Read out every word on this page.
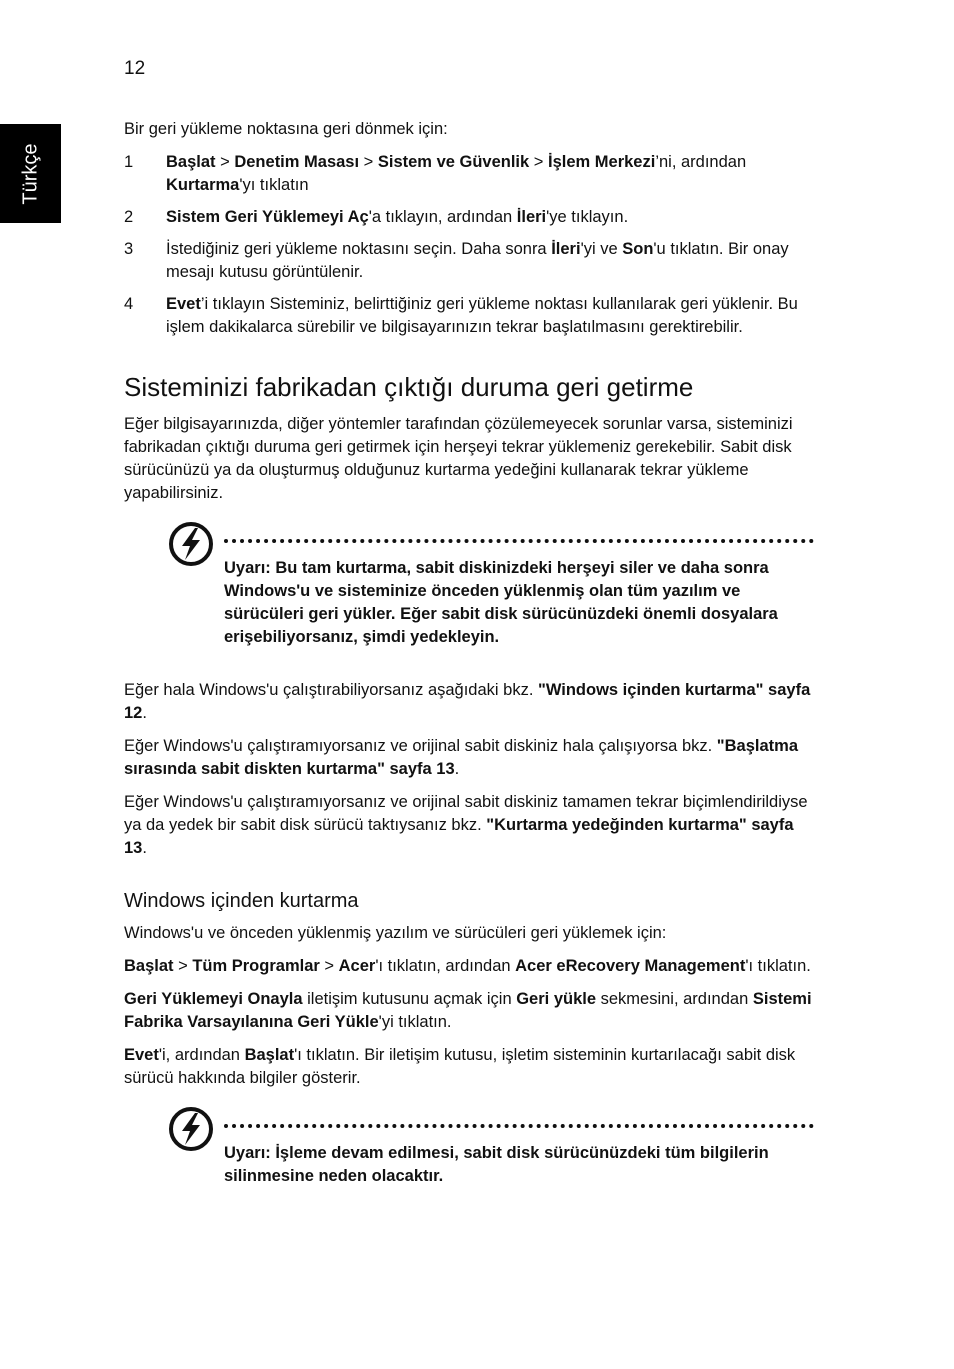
12
Türkçe

Bir geri yükleme noktasına geri dönmek için:

1 Başlat > Denetim Masası > Sistem ve Güvenlik > İşlem Merkezi’ni, ardından Kurtarma'yı tıklatın
2 Sistem Geri Yüklemeyi Aç'a tıklayın, ardından İleri'ye tıklayın.
3 İstediğiniz geri yükleme noktasını seçin. Daha sonra İleri'yi ve Son'u tıklatın. Bir onay mesajı kutusu görüntülenir.
4 Evet’i tıklayın Sisteminiz, belirttiğiniz geri yükleme noktası kullanılarak geri yüklenir. Bu işlem dakikalarca sürebilir ve bilgisayarınızın tekrar başlatılmasını gerektirebilir.
Sisteminizi fabrikadan çıktığı duruma geri getirme

Eğer bilgisayarınızda, diğer yöntemler tarafından çözülemeyecek sorunlar varsa, sisteminizi fabrikadan çıktığı duruma geri getirmek için herşeyi tekrar yüklemeniz gerekebilir. Sabit disk sürücünüzü ya da oluşturmuş olduğunuz kurtarma yedeğini kullanarak tekrar yükleme yapabilirsiniz.

Uyarı: Bu tam kurtarma, sabit diskinizdeki herşeyi siler ve daha sonra Windows'u ve sisteminize önceden yüklenmiş olan tüm yazılım ve sürücüleri geri yükler. Eğer sabit disk sürücünüzdeki önemli dosyalara erişebiliyorsanız, şimdi yedekleyin.

Eğer hala Windows'u çalıştırabiliyorsanız aşağıdaki bkz. "Windows içinden kurtarma" sayfa 12.

Eğer Windows'u çalıştıramıyorsanız ve orijinal sabit diskiniz hala çalışıyorsa bkz. "Başlatma sırasında sabit diskten kurtarma" sayfa 13.

Eğer Windows'u çalıştıramıyorsanız ve orijinal sabit diskiniz tamamen tekrar biçimlendirildiyse ya da yedek bir sabit disk sürücü taktıysanız bkz. "Kurtarma yedeğinden kurtarma" sayfa 13.

Windows içinden kurtarma

Windows'u ve önceden yüklenmiş yazılım ve sürücüleri geri yüklemek için:

Başlat > Tüm Programlar > Acer'ı tıklatın, ardından Acer eRecovery Management'ı tıklatın.

Geri Yüklemeyi Onayla iletişim kutusunu açmak için Geri yükle sekmesini, ardından Sistemi Fabrika Varsayılanına Geri Yükle'yi tıklatın.

Evet'i, ardından Başlat'ı tıklatın. Bir iletişim kutusu, işletim sisteminin kurtarılacağı sabit disk sürücü hakkında bilgiler gösterir.

Uyarı: İşleme devam edilmesi, sabit disk sürücünüzdeki tüm bilgilerin silinmesine neden olacaktır.
